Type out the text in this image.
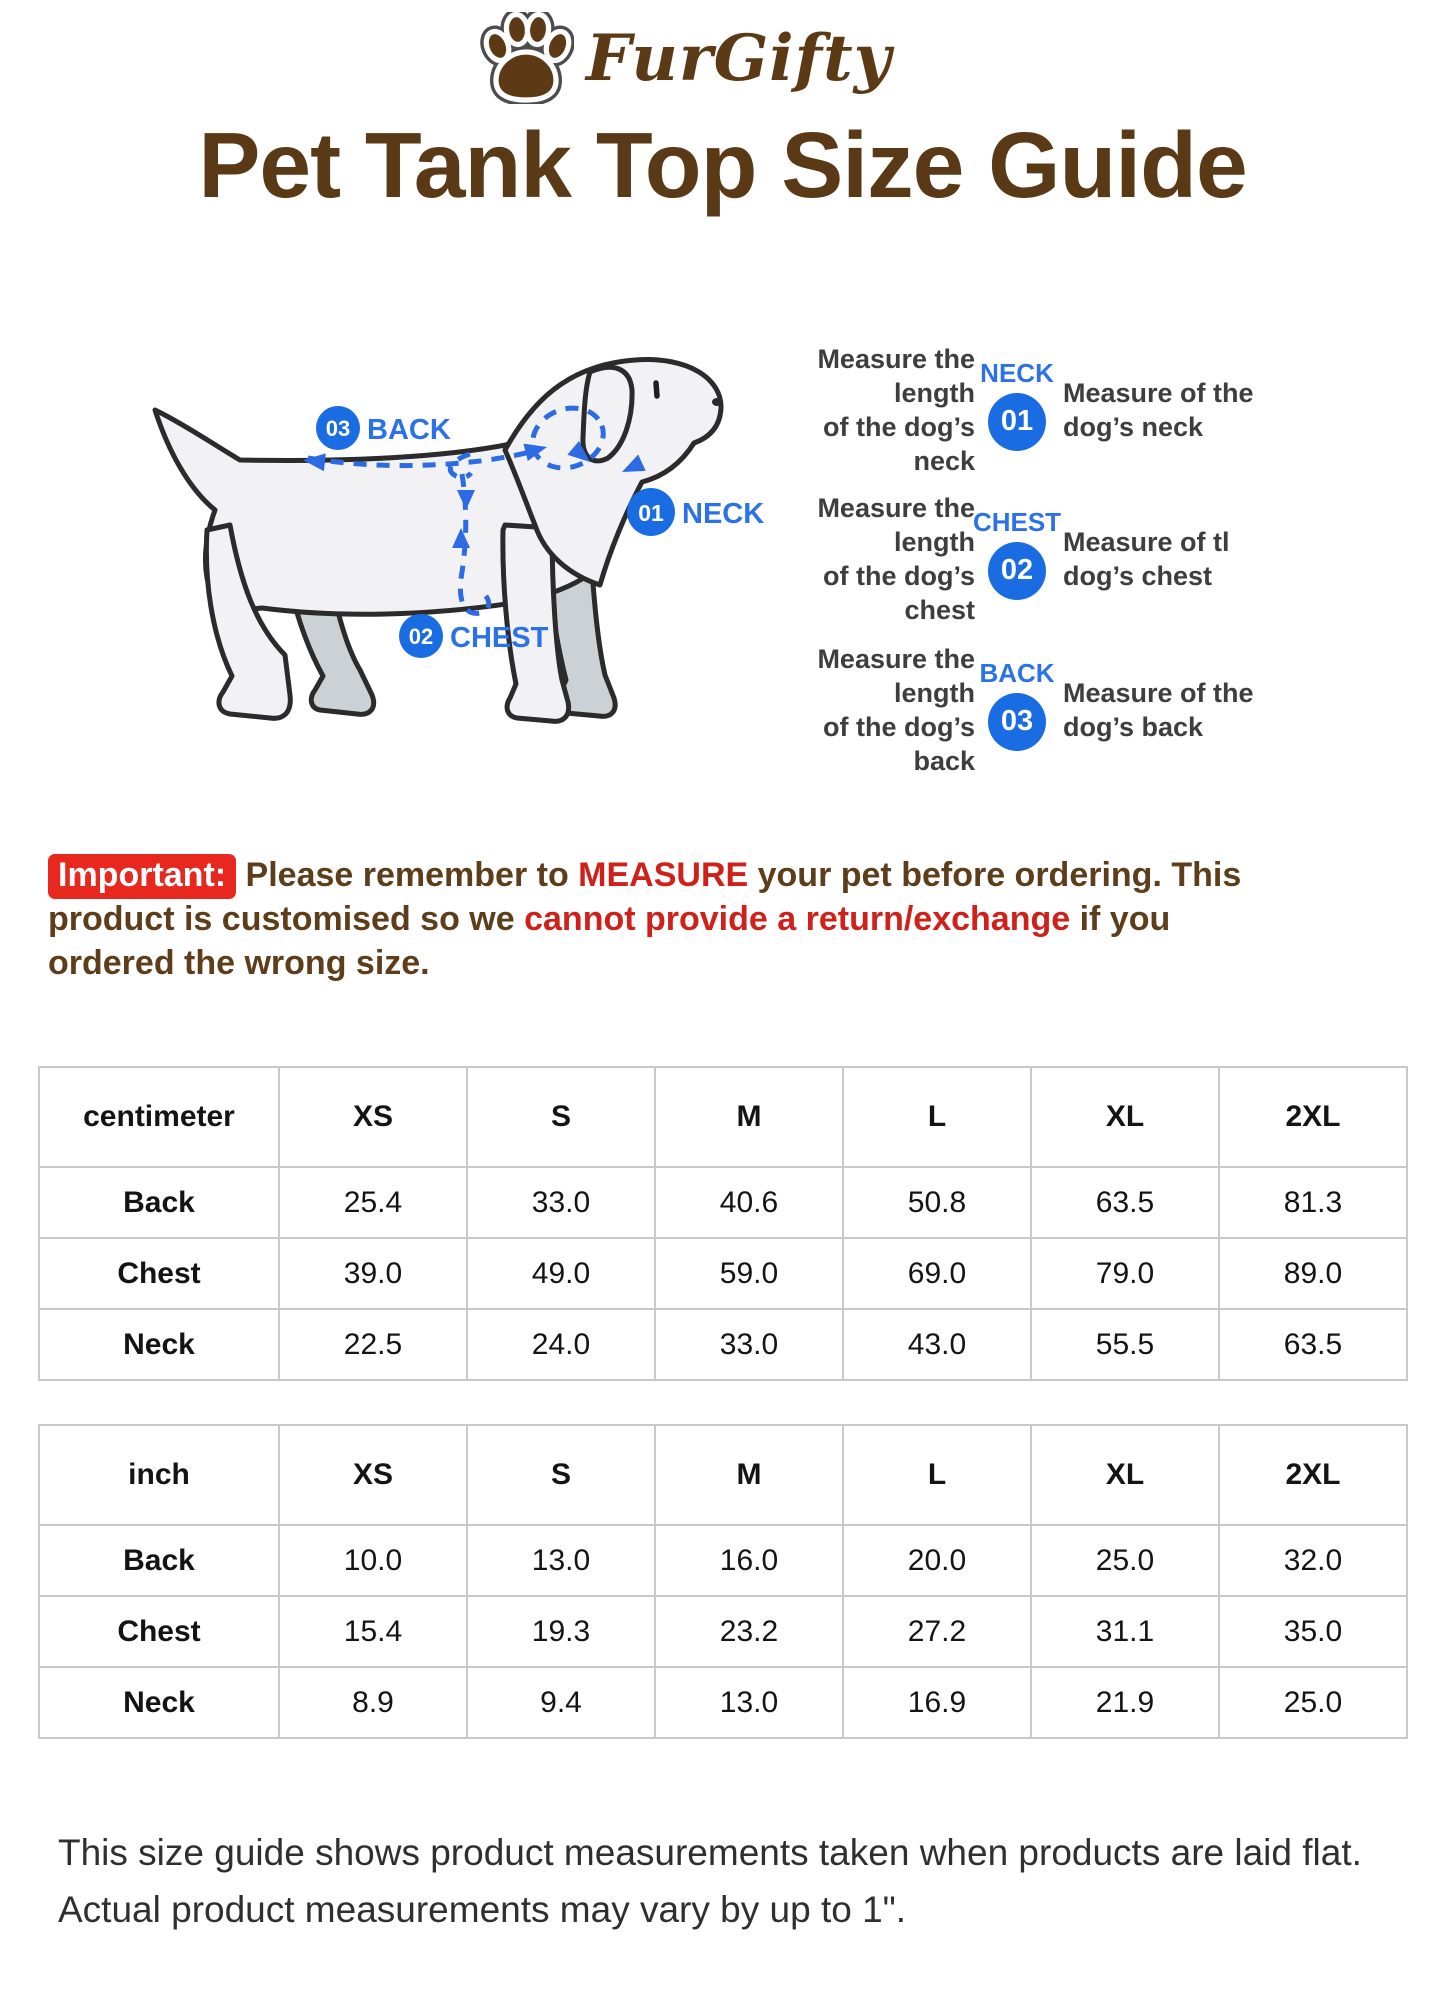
FurGifty
Pet Tank Top Size Guide
03 BACK
02 CHEST
01 NECK
Measure the length
of the dog’s neck
NECK
01
Measure of the
dog’s neck
Measure the length
of the dog’s chest
CHEST
02
Measure of tl
dog’s chest
Measure the length
of the dog’s back
BACK
03
Measure of the
dog’s back
Important: Please remember to MEASURE your pet before ordering. This
product is customised so we cannot provide a return/exchange if you
ordered the wrong size.
centimeter	XS	S	M	L	XL	2XL
Back	25.4	33.0	40.6	50.8	63.5	81.3
Chest	39.0	49.0	59.0	69.0	79.0	89.0
Neck	22.5	24.0	33.0	43.0	55.5	63.5
inch	XS	S	M	L	XL	2XL
Back	10.0	13.0	16.0	20.0	25.0	32.0
Chest	15.4	19.3	23.2	27.2	31.1	35.0
Neck	8.9	9.4	13.0	16.9	21.9	25.0
This size guide shows product measurements taken when products are laid flat. Actual product measurements may vary by up to 1".
